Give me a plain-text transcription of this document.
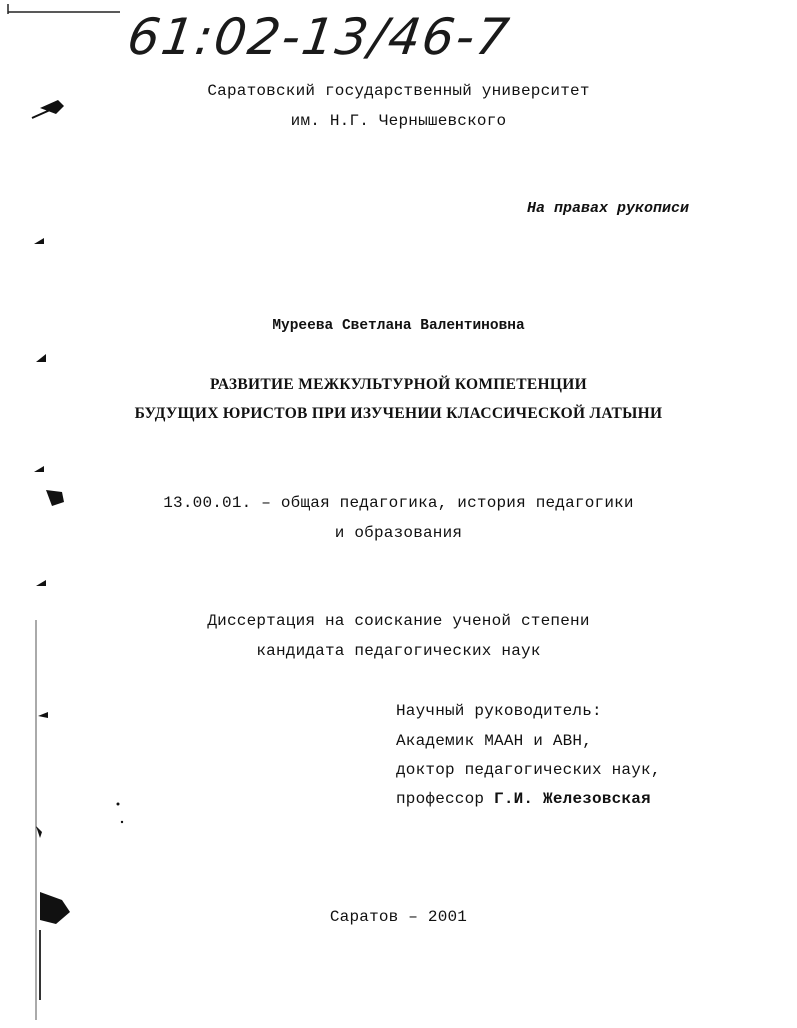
61:02-13/46-7
Саратовский государственный университет
им. Н.Г. Чернышевского
На правах рукописи
Муреева Светлана Валентиновна
РАЗВИТИЕ МЕЖКУЛЬТУРНОЙ КОМПЕТЕНЦИИ
БУДУЩИХ ЮРИСТОВ ПРИ ИЗУЧЕНИИ КЛАССИЧЕСКОЙ ЛАТЫНИ
13.00.01. – общая педагогика, история педагогики
и образования
Диссертация на соискание ученой степени
кандидата педагогических наук
Научный руководитель:
Академик МААН и АВН,
доктор педагогических наук,
профессор Г.И. Железовская
Саратов – 2001
